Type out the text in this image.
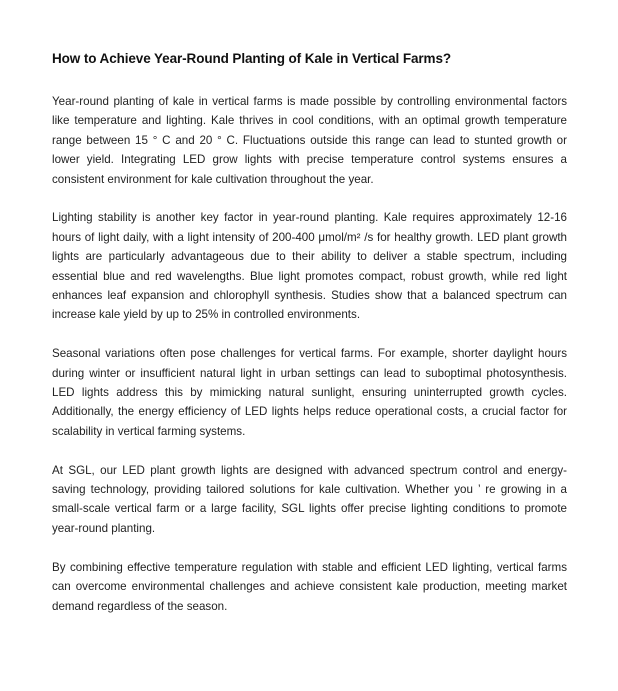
How to Achieve Year-Round Planting of Kale in Vertical Farms?

Year-round planting of kale in vertical farms is made possible by controlling environmental factors like temperature and lighting. Kale thrives in cool conditions, with an optimal growth temperature range between 15 ° C and 20 ° C. Fluctuations outside this range can lead to stunted growth or lower yield. Integrating LED grow lights with precise temperature control systems ensures a consistent environment for kale cultivation throughout the year.

Lighting stability is another key factor in year-round planting. Kale requires approximately 12-16 hours of light daily, with a light intensity of 200-400 μmol/m² /s for healthy growth. LED plant growth lights are particularly advantageous due to their ability to deliver a stable spectrum, including essential blue and red wavelengths. Blue light promotes compact, robust growth, while red light enhances leaf expansion and chlorophyll synthesis. Studies show that a balanced spectrum can increase kale yield by up to 25% in controlled environments.

Seasonal variations often pose challenges for vertical farms. For example, shorter daylight hours during winter or insufficient natural light in urban settings can lead to suboptimal photosynthesis. LED lights address this by mimicking natural sunlight, ensuring uninterrupted growth cycles. Additionally, the energy efficiency of LED lights helps reduce operational costs, a crucial factor for scalability in vertical farming systems.

At SGL, our LED plant growth lights are designed with advanced spectrum control and energy-saving technology, providing tailored solutions for kale cultivation. Whether you ’ re growing in a small-scale vertical farm or a large facility, SGL lights offer precise lighting conditions to promote year-round planting.

By combining effective temperature regulation with stable and efficient LED lighting, vertical farms can overcome environmental challenges and achieve consistent kale production, meeting market demand regardless of the season.
